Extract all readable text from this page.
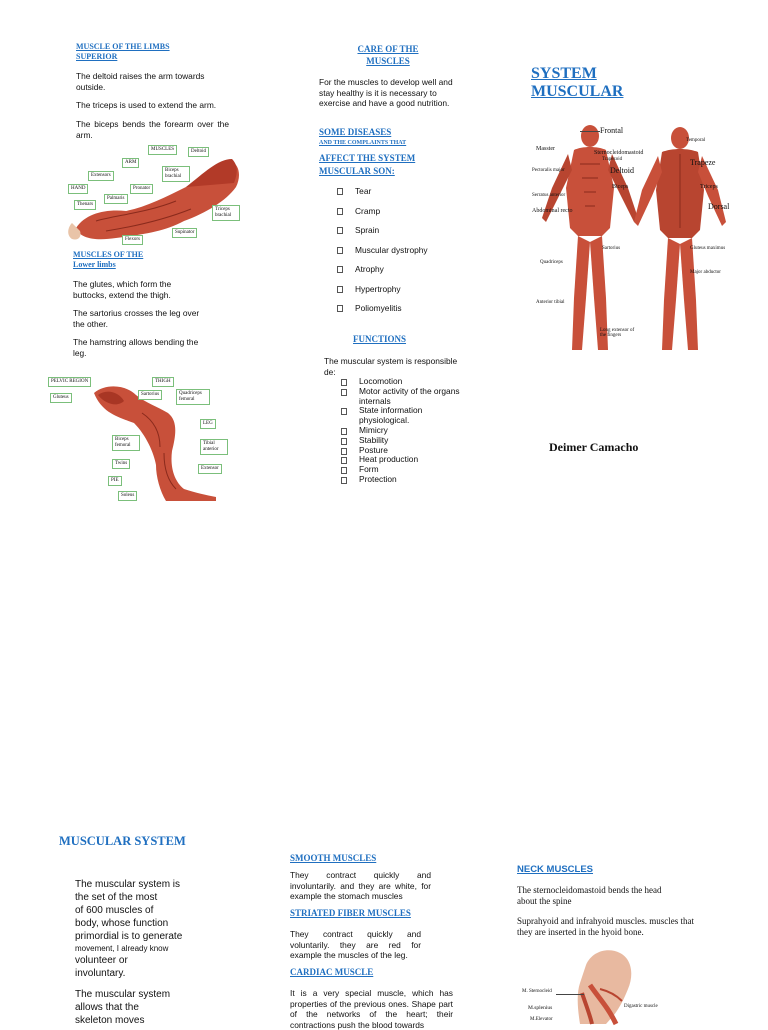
MUSCLE OF THE LIMBS
SUPERIOR

The deltoid raises the arm towards outside.

The triceps is used to extend the arm.

The biceps bends the forearm over the arm.

MUSCLES	Deltoid
ARM
Biceps brachial
HAND
Extensors
Pronator
Palmaris
Thenars
Flexors
Supinator
Triceps brachial
MUSCLES OF THE
Lower limbs

The glutes, which form the buttocks, extend the thigh.

The sartorius crosses the leg over the other.

The hamstring allows bending the leg.

PELVIC REGION	THIGH
Gluteus
Sartorius	Quadriceps femoral
LEG
Biceps femoral	Tibial anterior
Twins
Extensor
PIE
Soleus
CARE OF THE
MUSCLES

For the muscles to develop well and stay healthy is it is necessary to exercise and have a good nutrition.

SOME DISEASES
AND THE COMPLAINTS THAT
AFFECT THE SYSTEM
MUSCULAR SON:
Tear
Cramp
Sprain
Muscular dystrophy
Atrophy
Hypertrophy
Poliomyelitis
FUNCTIONS

The muscular system is responsible de:

Locomotion
Motor activity of the organs internals
State information physiological.
Mimicry
Stability
Posture
Heat production
Form
Protection
SYSTEM
MUSCULAR
Frontal
Masster
Sternocleidomastoid
Trapezoid
Pectoralis major	Deltoid
Serratus anterior
Biceps
Abdominal recto
Sartorius
Quadriceps
Anterior tibial
Long extensor of the fingers
Temporal
Trapeze
Triceps
Dorsal
Gluteus maximus
Major abductor
Deimer Camacho
MUSCULAR SYSTEM
The muscular system is
the set of the most
of 600 muscles of
body, whose function
primordial is to generate
movement, I already know
volunteer or
involuntary.
The muscular system
allows that the
skeleton moves
SMOOTH MUSCLES

They contract quickly and involuntarily. and they are white, for example the stomach muscles

STRIATED FIBER MUSCLES

They contract quickly and voluntarily. they are red for example the muscles of the leg.

CARDIAC MUSCLE

It is a very special muscle, which has properties of the previous ones. Shape part of the networks of the heart; their contractions push the blood towards

NECK MUSCLES

The sternocleidomastoid bends the head about the spine

Suprahyoid and infrahyoid muscles. muscles that they are inserted in the hyoid bone.

M. Sternocleid
M.splenius
M.Elevator
Digastric muscle
